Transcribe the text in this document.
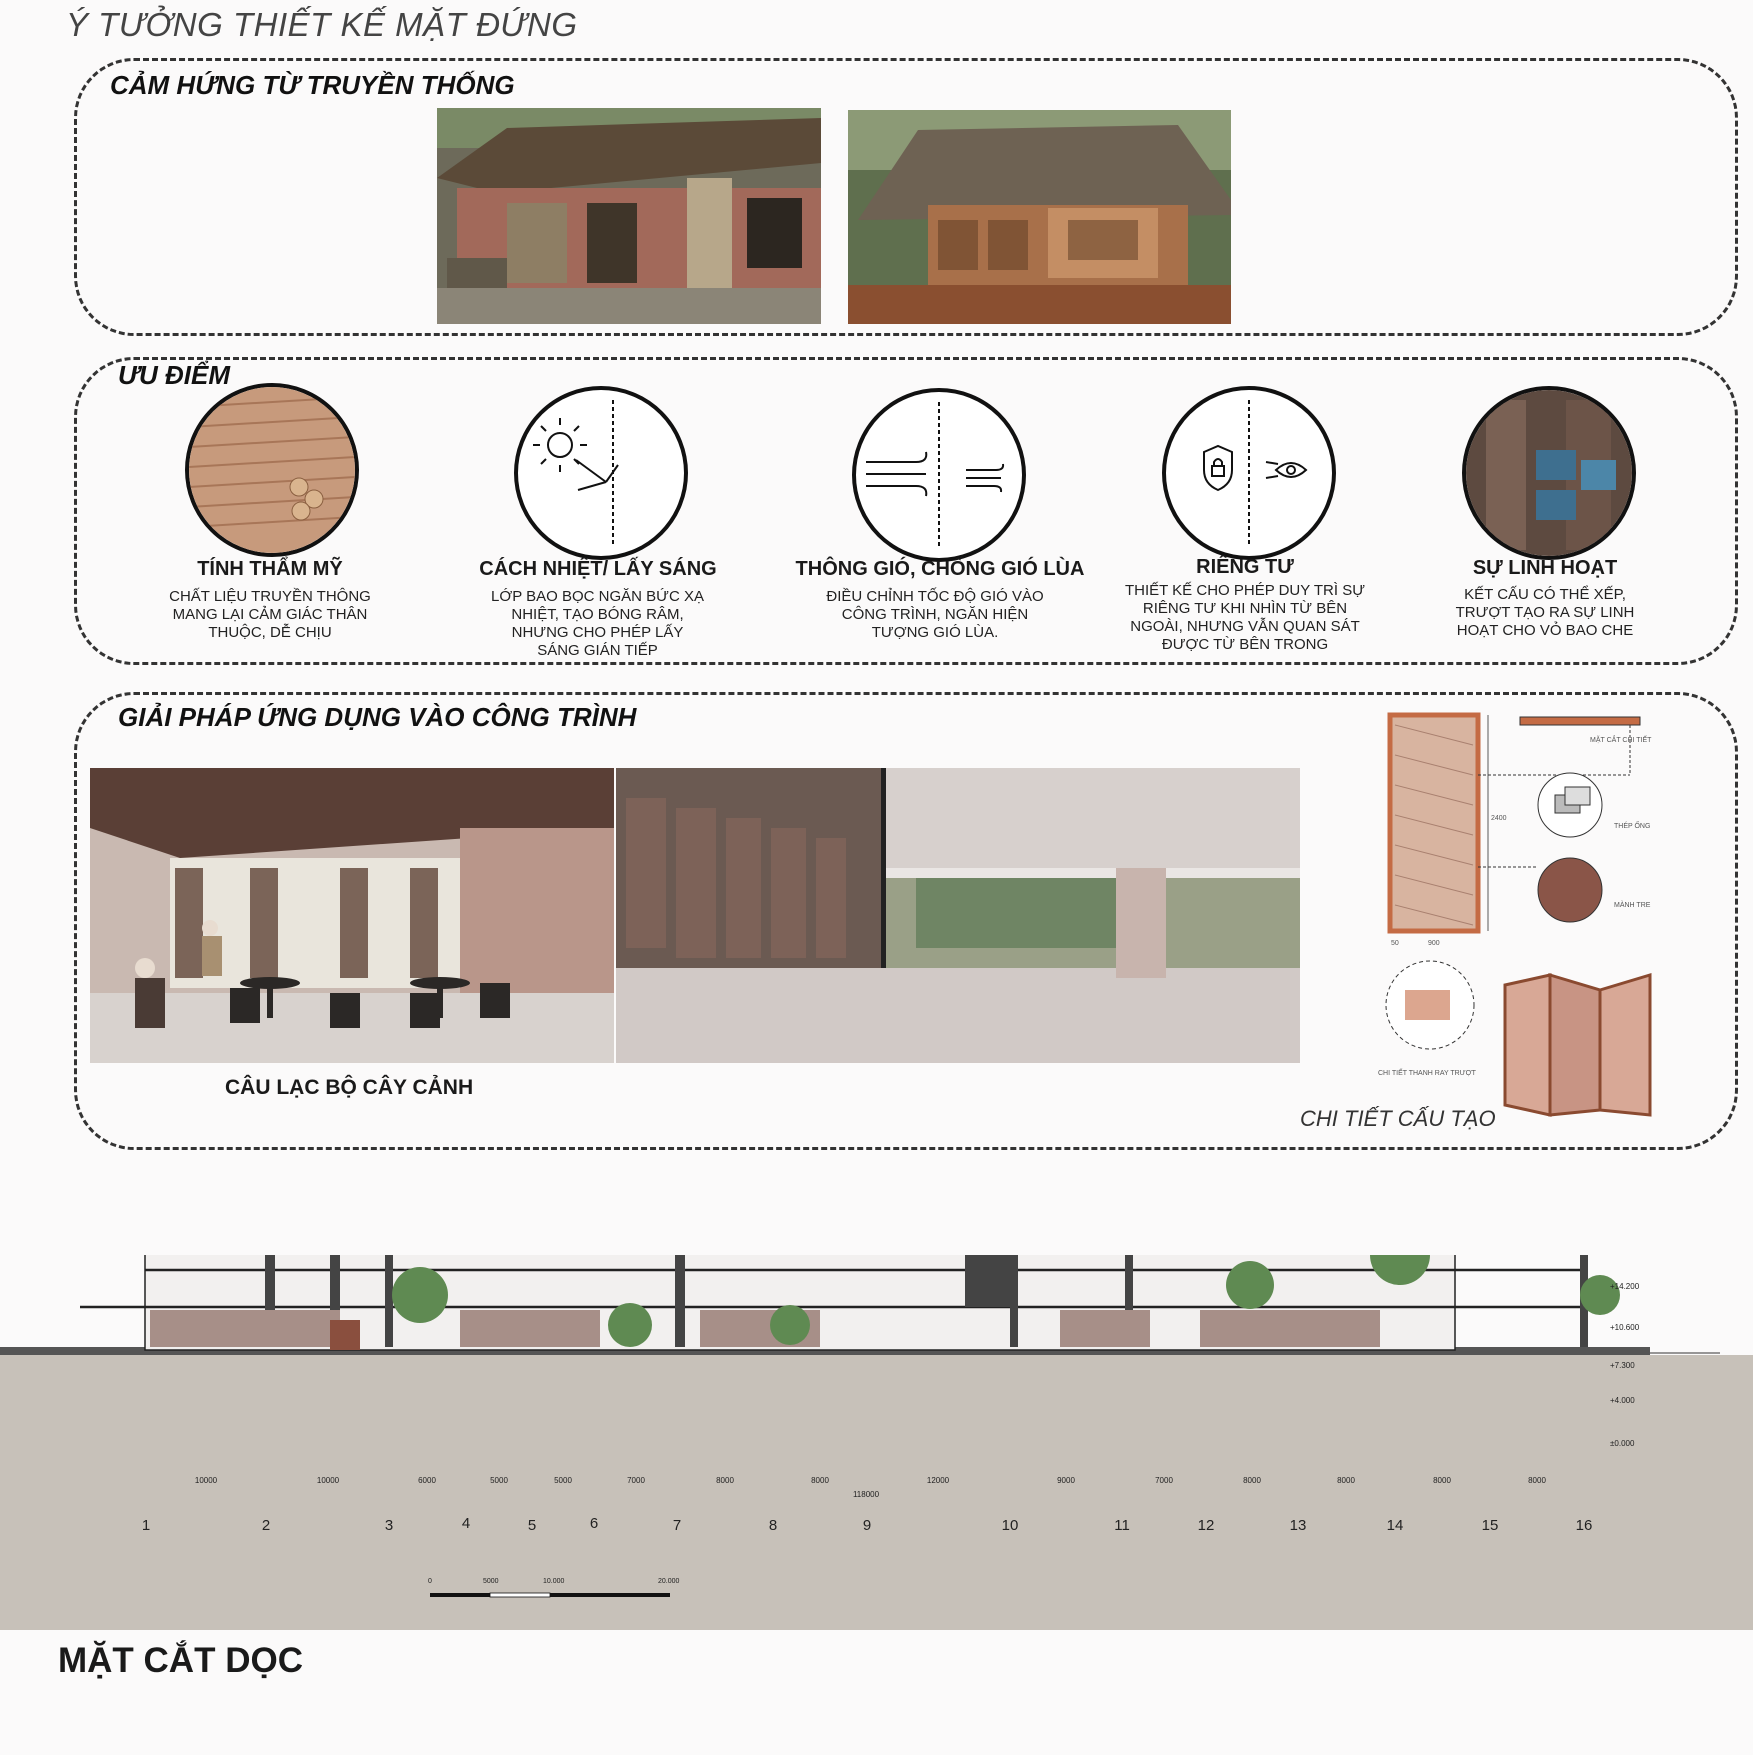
Ý TƯỞNG THIẾT KẾ MẶT ĐỨNG
CẢM HỨNG TỪ TRUYỀN THỐNG
ƯU ĐIỂM
TÍNH THẨM MỸ
CHẤT LIỆU TRUYỀN THÔNG MANG LẠI CẢM GIÁC THÂN THUỘC, DỄ CHỊU
CÁCH NHIỆT/ LẤY SÁNG
LỚP BAO BỌC NGĂN BỨC XẠ NHIỆT, TẠO BÓNG RÂM, NHƯNG CHO PHÉP LẤY SÁNG GIÁN TIẾP
THÔNG GIÓ, CHỐNG GIÓ LÙA
ĐIỀU CHỈNH TỐC ĐỘ GIÓ VÀO CÔNG TRÌNH, NGĂN HIỆN TƯỢNG GIÓ LÙA.
RIÊNG TƯ
THIẾT KẾ CHO PHÉP DUY TRÌ SỰ RIÊNG TƯ KHI NHÌN TỪ BÊN NGOÀI, NHƯNG VẪN QUAN SÁT ĐƯỢC TỪ BÊN TRONG
SỰ LINH HOẠT
KẾT CẤU CÓ THỂ XẾP, TRƯỢT TẠO RA SỰ LINH HOẠT CHO VỎ BAO CHE
GIẢI PHÁP ỨNG DỤNG VÀO CÔNG TRÌNH
CÂU LẠC BỘ CÂY CẢNH
MẶT CẮT CHI TIẾT
THÉP ỐNG
MÀNH TRE
CHI TIẾT THANH RAY TRƯỢT
900
2400
50
CHI TIẾT CẤU TẠO
1	2	3	4	5	6	7	8	9	10	11	12	13	14	15	16
10000	10000	6000	5000	5000	7000	8000	8000	12000	9000	7000	8000	8000	8000	8000
118000
+14.200
+10.600
+7.300
+4.000
±0.000
0	5000	10.000	20.000
MẶT CẮT DỌC
